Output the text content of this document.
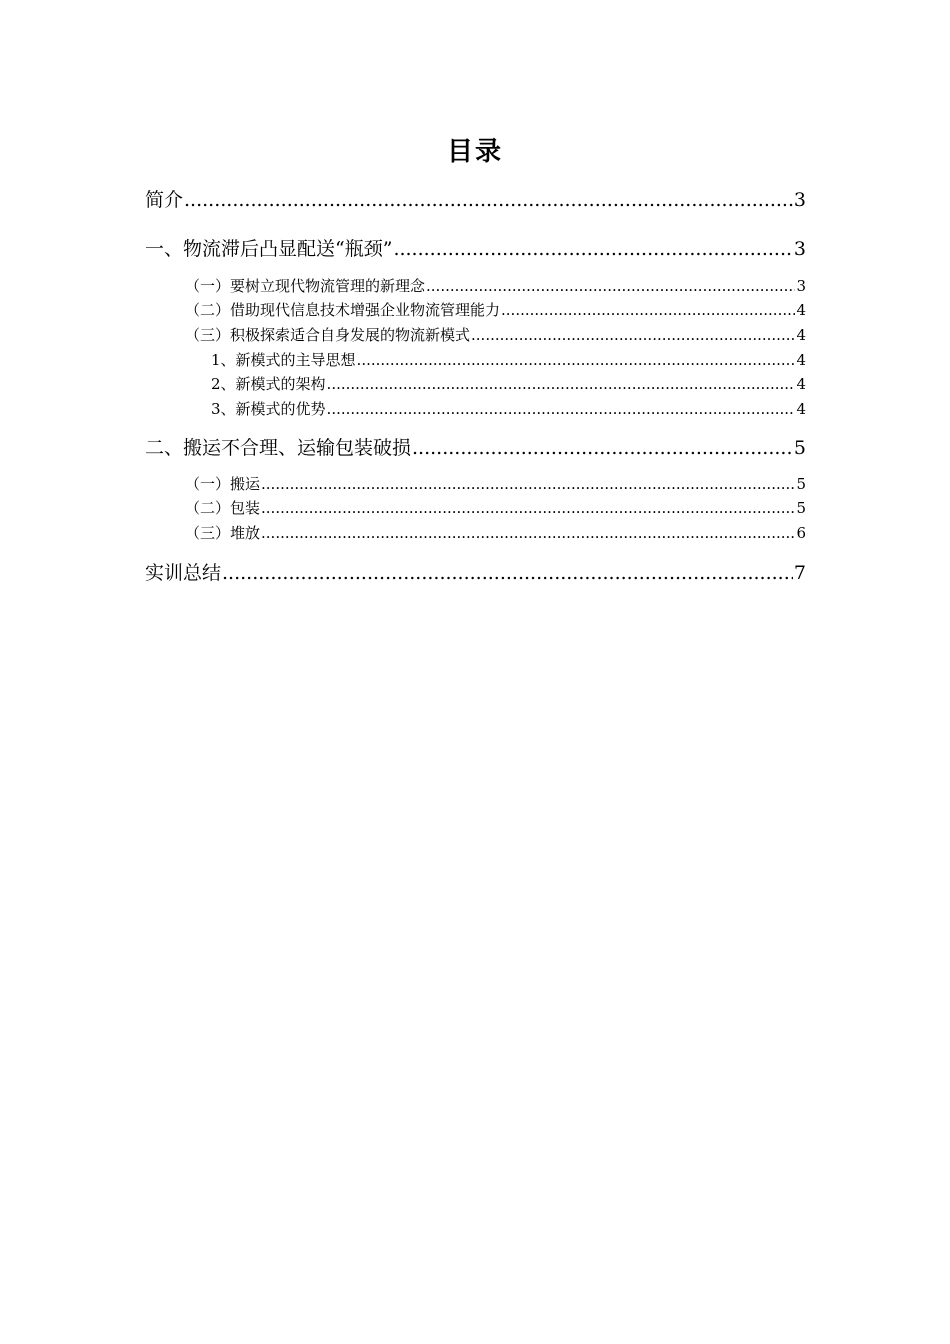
目录
简介 .....	3
一、物流滞后凸显配送“瓶颈” .....	3
（一）要树立现代物流管理的新理念 .....	3
（二）借助现代信息技术增强企业物流管理能力 .....	4
（三）积极探索适合自身发展的物流新模式 .....	4
1、新模式的主导思想 .....	4
2、新模式的架构 .....	4
3、新模式的优势 .....	4
二、搬运不合理、运输包装破损 .....	5
（一）搬运 .....	5
（二）包装 .....	5
（三）堆放 .....	6
实训总结 .....	7
